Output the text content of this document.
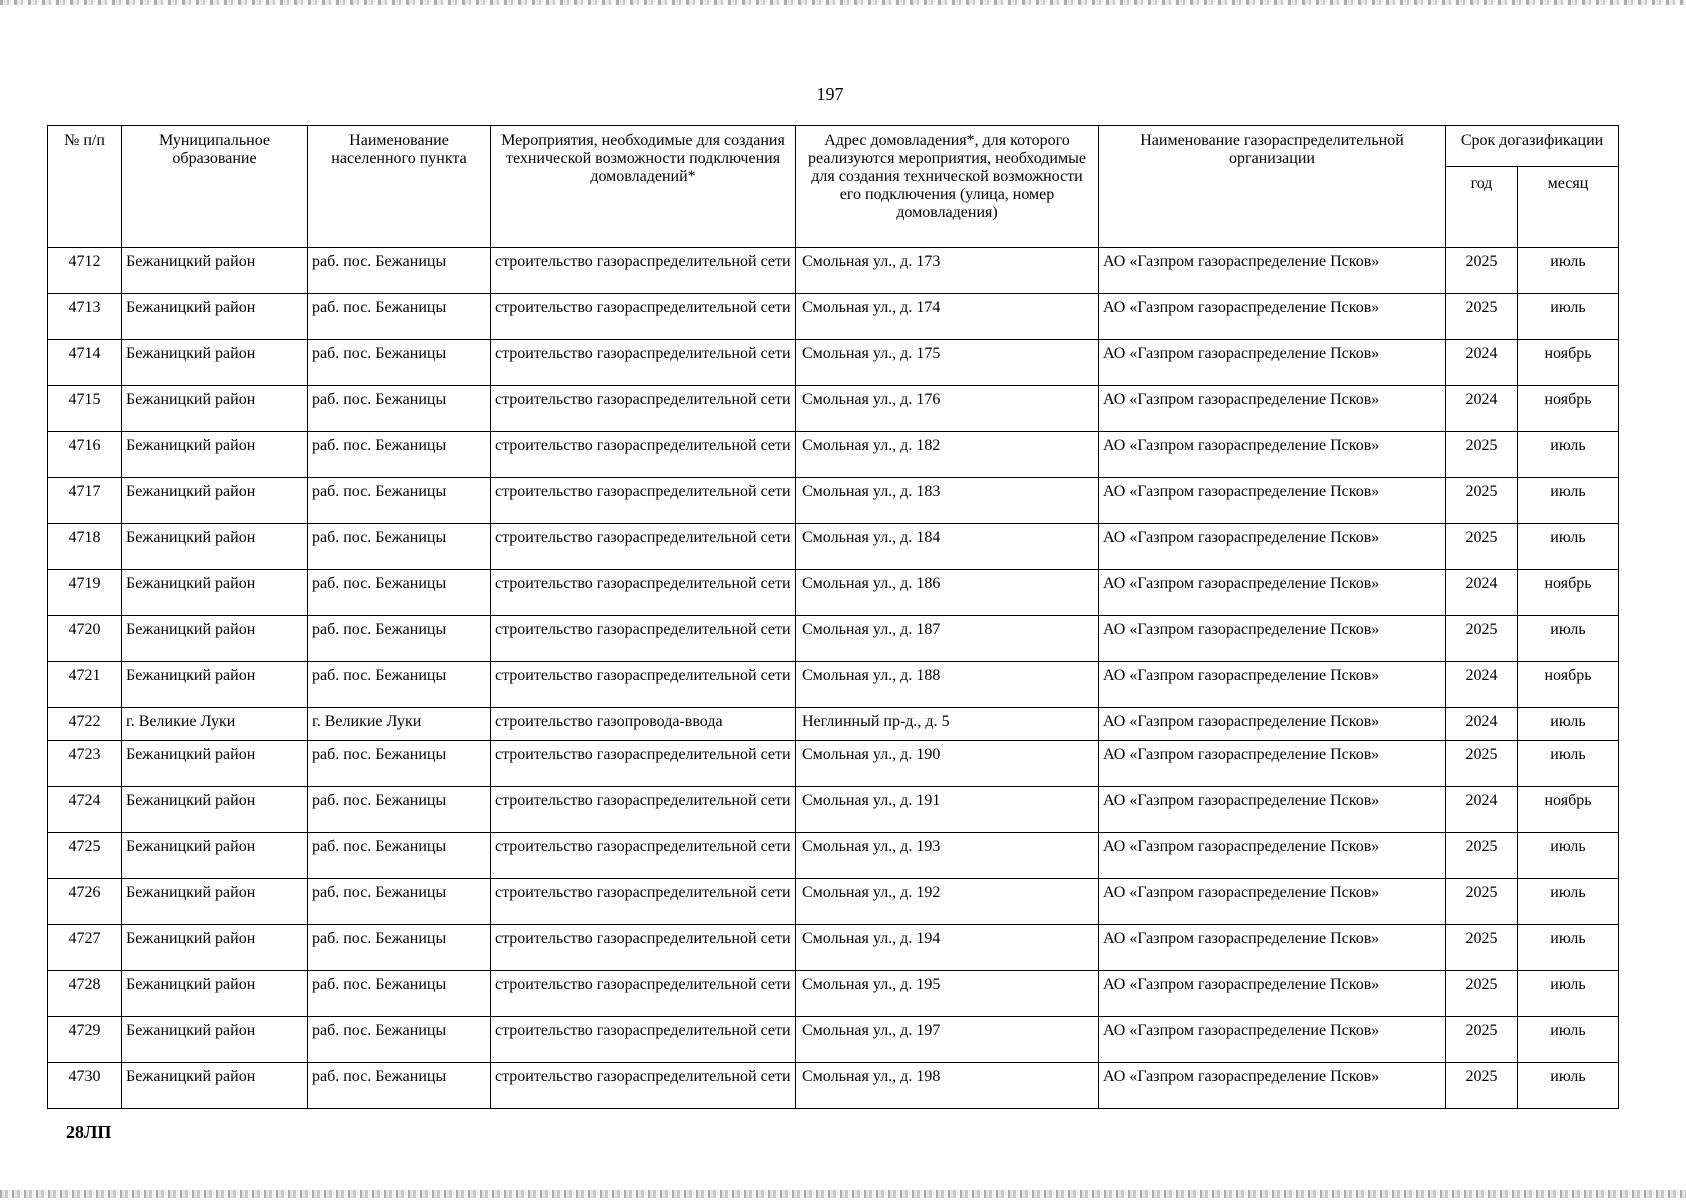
197
№ п/п	Муниципальное образование	Наименование населенного пункта	Мероприятия, необходимые для создания технической возможности подключения домовладений*	Адрес домовладения*, для которого реализуются мероприятия, необходимые для создания технической возможности его подключения (улица, номер домовладения)	Наименование газораспределительной организации	Срок догазификации	
						год	месяц
4712	Бежаницкий район	раб. пос. Бежаницы	строительство газораспределительной сети	Смольная ул., д. 173	АО «Газпром газораспределение Псков»	2025	июль
4713	Бежаницкий район	раб. пос. Бежаницы	строительство газораспределительной сети	Смольная ул., д. 174	АО «Газпром газораспределение Псков»	2025	июль
4714	Бежаницкий район	раб. пос. Бежаницы	строительство газораспределительной сети	Смольная ул., д. 175	АО «Газпром газораспределение Псков»	2024	ноябрь
4715	Бежаницкий район	раб. пос. Бежаницы	строительство газораспределительной сети	Смольная ул., д. 176	АО «Газпром газораспределение Псков»	2024	ноябрь
4716	Бежаницкий район	раб. пос. Бежаницы	строительство газораспределительной сети	Смольная ул., д. 182	АО «Газпром газораспределение Псков»	2025	июль
4717	Бежаницкий район	раб. пос. Бежаницы	строительство газораспределительной сети	Смольная ул., д. 183	АО «Газпром газораспределение Псков»	2025	июль
4718	Бежаницкий район	раб. пос. Бежаницы	строительство газораспределительной сети	Смольная ул., д. 184	АО «Газпром газораспределение Псков»	2025	июль
4719	Бежаницкий район	раб. пос. Бежаницы	строительство газораспределительной сети	Смольная ул., д. 186	АО «Газпром газораспределение Псков»	2024	ноябрь
4720	Бежаницкий район	раб. пос. Бежаницы	строительство газораспределительной сети	Смольная ул., д. 187	АО «Газпром газораспределение Псков»	2025	июль
4721	Бежаницкий район	раб. пос. Бежаницы	строительство газораспределительной сети	Смольная ул., д. 188	АО «Газпром газораспределение Псков»	2024	ноябрь
4722	г. Великие Луки	г. Великие Луки	строительство газопровода-ввода	Неглинный пр-д., д. 5	АО «Газпром газораспределение Псков»	2024	июль
4723	Бежаницкий район	раб. пос. Бежаницы	строительство газораспределительной сети	Смольная ул., д. 190	АО «Газпром газораспределение Псков»	2025	июль
4724	Бежаницкий район	раб. пос. Бежаницы	строительство газораспределительной сети	Смольная ул., д. 191	АО «Газпром газораспределение Псков»	2024	ноябрь
4725	Бежаницкий район	раб. пос. Бежаницы	строительство газораспределительной сети	Смольная ул., д. 193	АО «Газпром газораспределение Псков»	2025	июль
4726	Бежаницкий район	раб. пос. Бежаницы	строительство газораспределительной сети	Смольная ул., д. 192	АО «Газпром газораспределение Псков»	2025	июль
4727	Бежаницкий район	раб. пос. Бежаницы	строительство газораспределительной сети	Смольная ул., д. 194	АО «Газпром газораспределение Псков»	2025	июль
4728	Бежаницкий район	раб. пос. Бежаницы	строительство газораспределительной сети	Смольная ул., д. 195	АО «Газпром газораспределение Псков»	2025	июль
4729	Бежаницкий район	раб. пос. Бежаницы	строительство газораспределительной сети	Смольная ул., д. 197	АО «Газпром газораспределение Псков»	2025	июль
4730	Бежаницкий район	раб. пос. Бежаницы	строительство газораспределительной сети	Смольная ул., д. 198	АО «Газпром газораспределение Псков»	2025	июль
28ЛП
